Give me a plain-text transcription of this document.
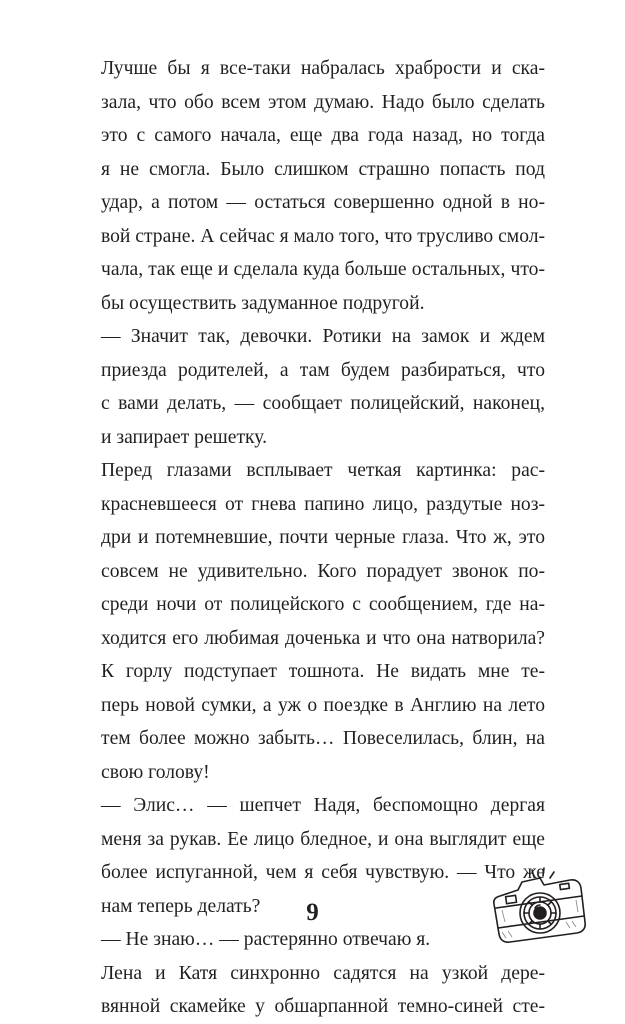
Лучше бы я все-таки набралась храбрости и ска-
зала, что обо всем этом думаю. Надо было сделать
это с самого начала, еще два года назад, но тогда
я не смогла. Было слишком страшно попасть под
удар, а потом — остаться совершенно одной в но-
вой стране. А сейчас я мало того, что трусливо смол-
чала, так еще и сделала куда больше остальных, что-
бы осуществить задуманное подругой.
— Значит так, девочки. Ротики на замок и ждем
приезда родителей, а там будем разбираться, что
с вами делать, — сообщает полицейский, наконец,
и запирает решетку.
Перед глазами всплывает четкая картинка: рас-
красневшееся от гнева папино лицо, раздутые нoз-
дри и потемневшие, почти черные глаза. Что ж, это
совсем не удивительно. Кого порадует звонок по-
среди ночи от полицейского с сообщением, где на-
ходится его любимая доченька и что она натворила?
К горлу подступает тошнота. Не видать мне те-
перь новой сумки, а уж о поездке в Англию на лето
тем более можно забыть… Повеселилась, блин, на
свою голову!
— Элис… — шепчет Надя, беспомощно дергая
меня за рукав. Ее лицо бледное, и она выглядит еще
более испуганной, чем я себя чувствую. — Что же
нам теперь делать?
— Не знаю… — растерянно отвечаю я.
Лена и Катя синхронно садятся на узкой дере-
вянной скамейке у обшарпанной темно-синей сте-
9
